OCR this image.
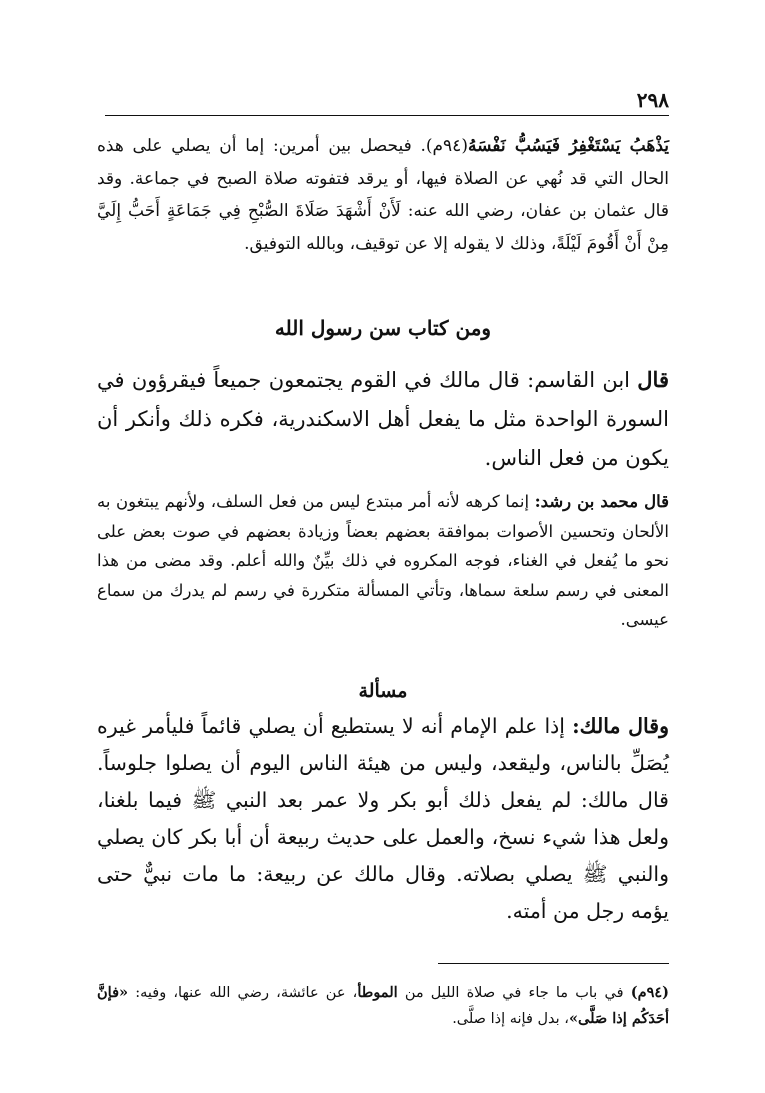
٢٩٨

يَذْهَبُ يَسْتَغْفِرُ فَيَسُبُّ نَفْسَهُ(٩٤م). فيحصل بين أمرين: إما أن يصلي على هذه الحال التي قد نُهي عن الصلاة فيها، أو يرقد فتفوته صلاة الصبح في جماعة. وقد قال عثمان بن عفان، رضي الله عنه: لَأَنْ أَشْهَدَ صَلَاةَ الصُّبْحِ فِي جَمَاعَةٍ أَحَبُّ إِلَيَّ مِنْ أَنْ أَقُومَ لَيْلَةً، وذلك لا يقوله إلا عن توقيف، وبالله التوفيق.

ومن كتاب سن رسول الله

قال ابن القاسم: قال مالك في القوم يجتمعون جميعاً فيقرؤون في السورة الواحدة مثل ما يفعل أهل الاسكندرية، فكره ذلك وأنكر أن يكون من فعل الناس.

قال محمد بن رشد: إنما كرهه لأنه أمر مبتدع ليس من فعل السلف، ولأنهم يبتغون به الألحان وتحسين الأصوات بموافقة بعضهم بعضاً وزيادة بعضهم في صوت بعض على نحو ما يُفعل في الغناء، فوجه المكروه في ذلك بيِّنٌ والله أعلم. وقد مضى من هذا المعنى في رسم سلعة سماها، وتأتي المسألة متكررة في رسم لم يدرك من سماع عيسى.

مسألة

وقال مالك: إذا علم الإمام أنه لا يستطيع أن يصلي قائماً فليأمر غيره يُصَلِّ بالناس، وليقعد، وليس من هيئة الناس اليوم أن يصلوا جلوساً. قال مالك: لم يفعل ذلك أبو بكر ولا عمر بعد النبي ﷺ فيما بلغنا، ولعل هذا شيء نسخ، والعمل على حديث ربيعة أن أبا بكر كان يصلي والنبي ﷺ يصلي بصلاته. وقال مالك عن ربيعة: ما مات نبيٌّ حتى يؤمه رجل من أمته.

(٩٤م) في باب ما جاء في صلاة الليل من الموطأ، عن عائشة، رضي الله عنها، وفيه: «فإنَّ أحَدَكُم إذا صَلَّى»، بدل فإنه إذا صلَّى.
